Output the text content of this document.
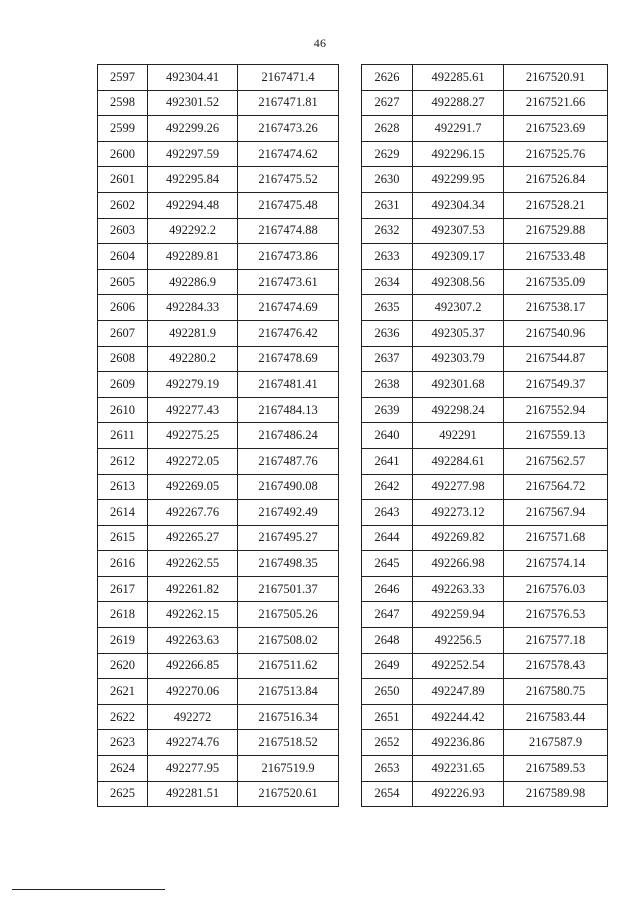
46
2597	492304.41	2167471.4
2598	492301.52	2167471.81
2599	492299.26	2167473.26
2600	492297.59	2167474.62
2601	492295.84	2167475.52
2602	492294.48	2167475.48
2603	492292.2	2167474.88
2604	492289.81	2167473.86
2605	492286.9	2167473.61
2606	492284.33	2167474.69
2607	492281.9	2167476.42
2608	492280.2	2167478.69
2609	492279.19	2167481.41
2610	492277.43	2167484.13
2611	492275.25	2167486.24
2612	492272.05	2167487.76
2613	492269.05	2167490.08
2614	492267.76	2167492.49
2615	492265.27	2167495.27
2616	492262.55	2167498.35
2617	492261.82	2167501.37
2618	492262.15	2167505.26
2619	492263.63	2167508.02
2620	492266.85	2167511.62
2621	492270.06	2167513.84
2622	492272	2167516.34
2623	492274.76	2167518.52
2624	492277.95	2167519.9
2625	492281.51	2167520.61
2626	492285.61	2167520.91
2627	492288.27	2167521.66
2628	492291.7	2167523.69
2629	492296.15	2167525.76
2630	492299.95	2167526.84
2631	492304.34	2167528.21
2632	492307.53	2167529.88
2633	492309.17	2167533.48
2634	492308.56	2167535.09
2635	492307.2	2167538.17
2636	492305.37	2167540.96
2637	492303.79	2167544.87
2638	492301.68	2167549.37
2639	492298.24	2167552.94
2640	492291	2167559.13
2641	492284.61	2167562.57
2642	492277.98	2167564.72
2643	492273.12	2167567.94
2644	492269.82	2167571.68
2645	492266.98	2167574.14
2646	492263.33	2167576.03
2647	492259.94	2167576.53
2648	492256.5	2167577.18
2649	492252.54	2167578.43
2650	492247.89	2167580.75
2651	492244.42	2167583.44
2652	492236.86	2167587.9
2653	492231.65	2167589.53
2654	492226.93	2167589.98
